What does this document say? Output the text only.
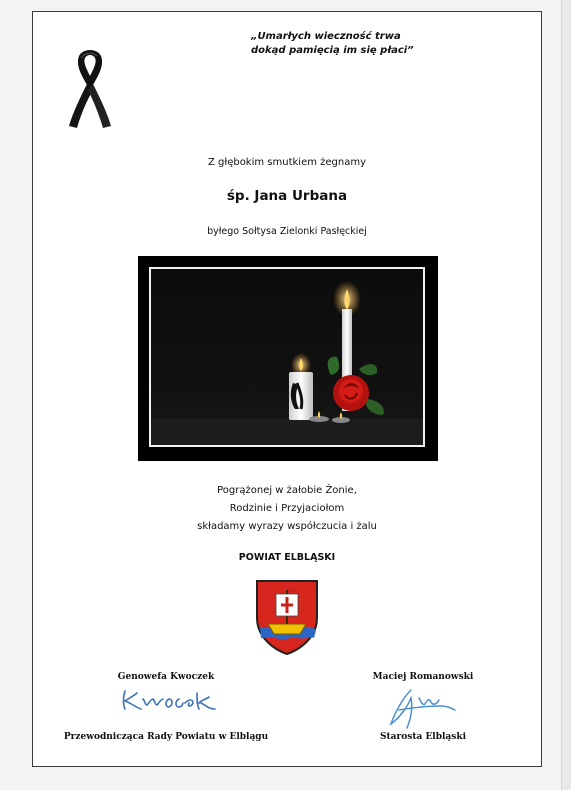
„Umarłych wieczność trwa
dokąd pamięcią im się płaci”
Z głębokim smutkiem żegnamy
śp. Jana Urbana
byłego Sołtysa Zielonki Pasłęckiej
Pogrążonej w żałobie Żonie,
Rodzinie i Przyjaciołom
składamy wyrazy współczucia i żalu
POWIAT ELBLĄSKI
Genowefa Kwoczek
Kwoczek
Przewodnicząca Rady Powiatu w Elblągu
Maciej Romanowski
Starosta Elbląski
